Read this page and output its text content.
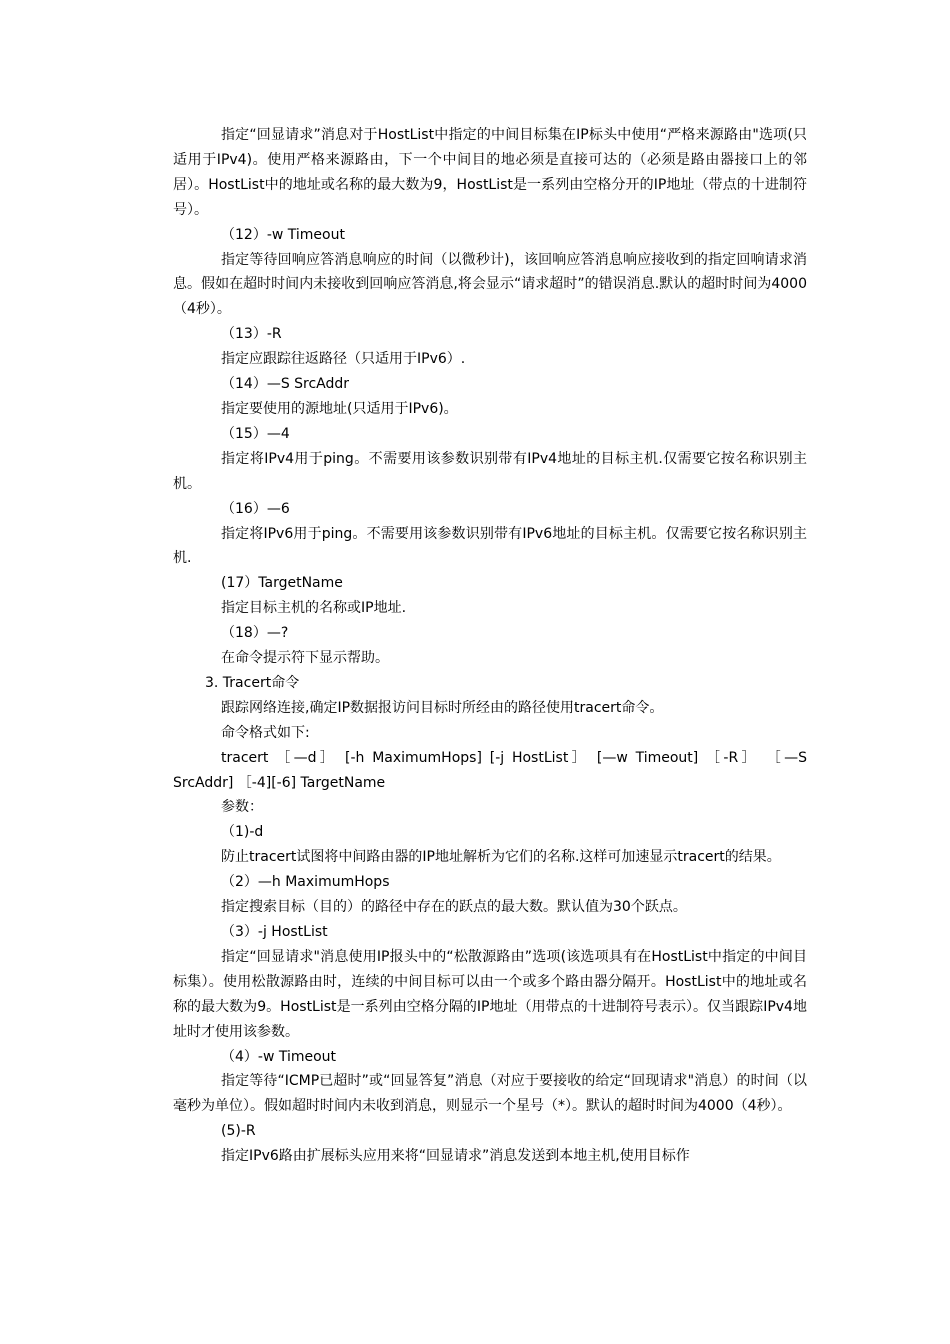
指定“回显请求”消息对于HostList中指定的中间目标集在IP标头中使用“严格来源路由"选项(只适用于IPv4)。使用严格来源路由，下一个中间目的地必须是直接可达的（必须是路由器接口上的邻居）。HostList中的地址或名称的最大数为9，HostList是一系列由空格分开的IP地址（带点的十进制符号）。

（12）-w Timeout

指定等待回响应答消息响应的时间（以微秒计)，该回响应答消息响应接收到的指定回响请求消息。假如在超时时间内未接收到回响应答消息,将会显示“请求超时”的错误消息.默认的超时时间为4000（4秒）。

（13）-R

指定应跟踪往返路径（只适用于IPv6）.

（14）—S SrcAddr

指定要使用的源地址(只适用于IPv6)。

（15）—4

指定将IPv4用于ping。不需要用该参数识别带有IPv4地址的目标主机.仅需要它按名称识别主机。

（16）—6

指定将IPv6用于ping。不需要用该参数识别带有IPv6地址的目标主机。仅需要它按名称识别主机.

(17）TargetName

指定目标主机的名称或IP地址.

（18）—?

在命令提示符下显示帮助。

3. Tracert命令

跟踪网络连接,确定IP数据报访问目标时所经由的路径使用tracert命令。

命令格式如下:

tracert ［—d］ [-h MaximumHops] [-j HostList］ [—w Timeout] ［-R］ ［—S SrcAddr] ［-4][-6] TargetName

参数：

（1)-d

防止tracert试图将中间路由器的IP地址解析为它们的名称.这样可加速显示tracert的结果。

（2）—h MaximumHops

指定搜索目标（目的）的路径中存在的跃点的最大数。默认值为30个跃点。

（3）-j HostList

指定“回显请求"消息使用IP报头中的“松散源路由”选项(该选项具有在HostList中指定的中间目标集）。使用松散源路由时，连续的中间目标可以由一个或多个路由器分隔开。HostList中的地址或名称的最大数为9。HostList是一系列由空格分隔的IP地址（用带点的十进制符号表示）。仅当跟踪IPv4地址时才使用该参数。

（4）-w Timeout

指定等待“ICMP已超时”或“回显答复”消息（对应于要接收的给定“回现请求"消息）的时间（以毫秒为单位）。假如超时时间内未收到消息，则显示一个星号（*）。默认的超时时间为4000（4秒）。

(5)-R

指定IPv6路由扩展标头应用来将“回显请求”消息发送到本地主机,使用目标作
